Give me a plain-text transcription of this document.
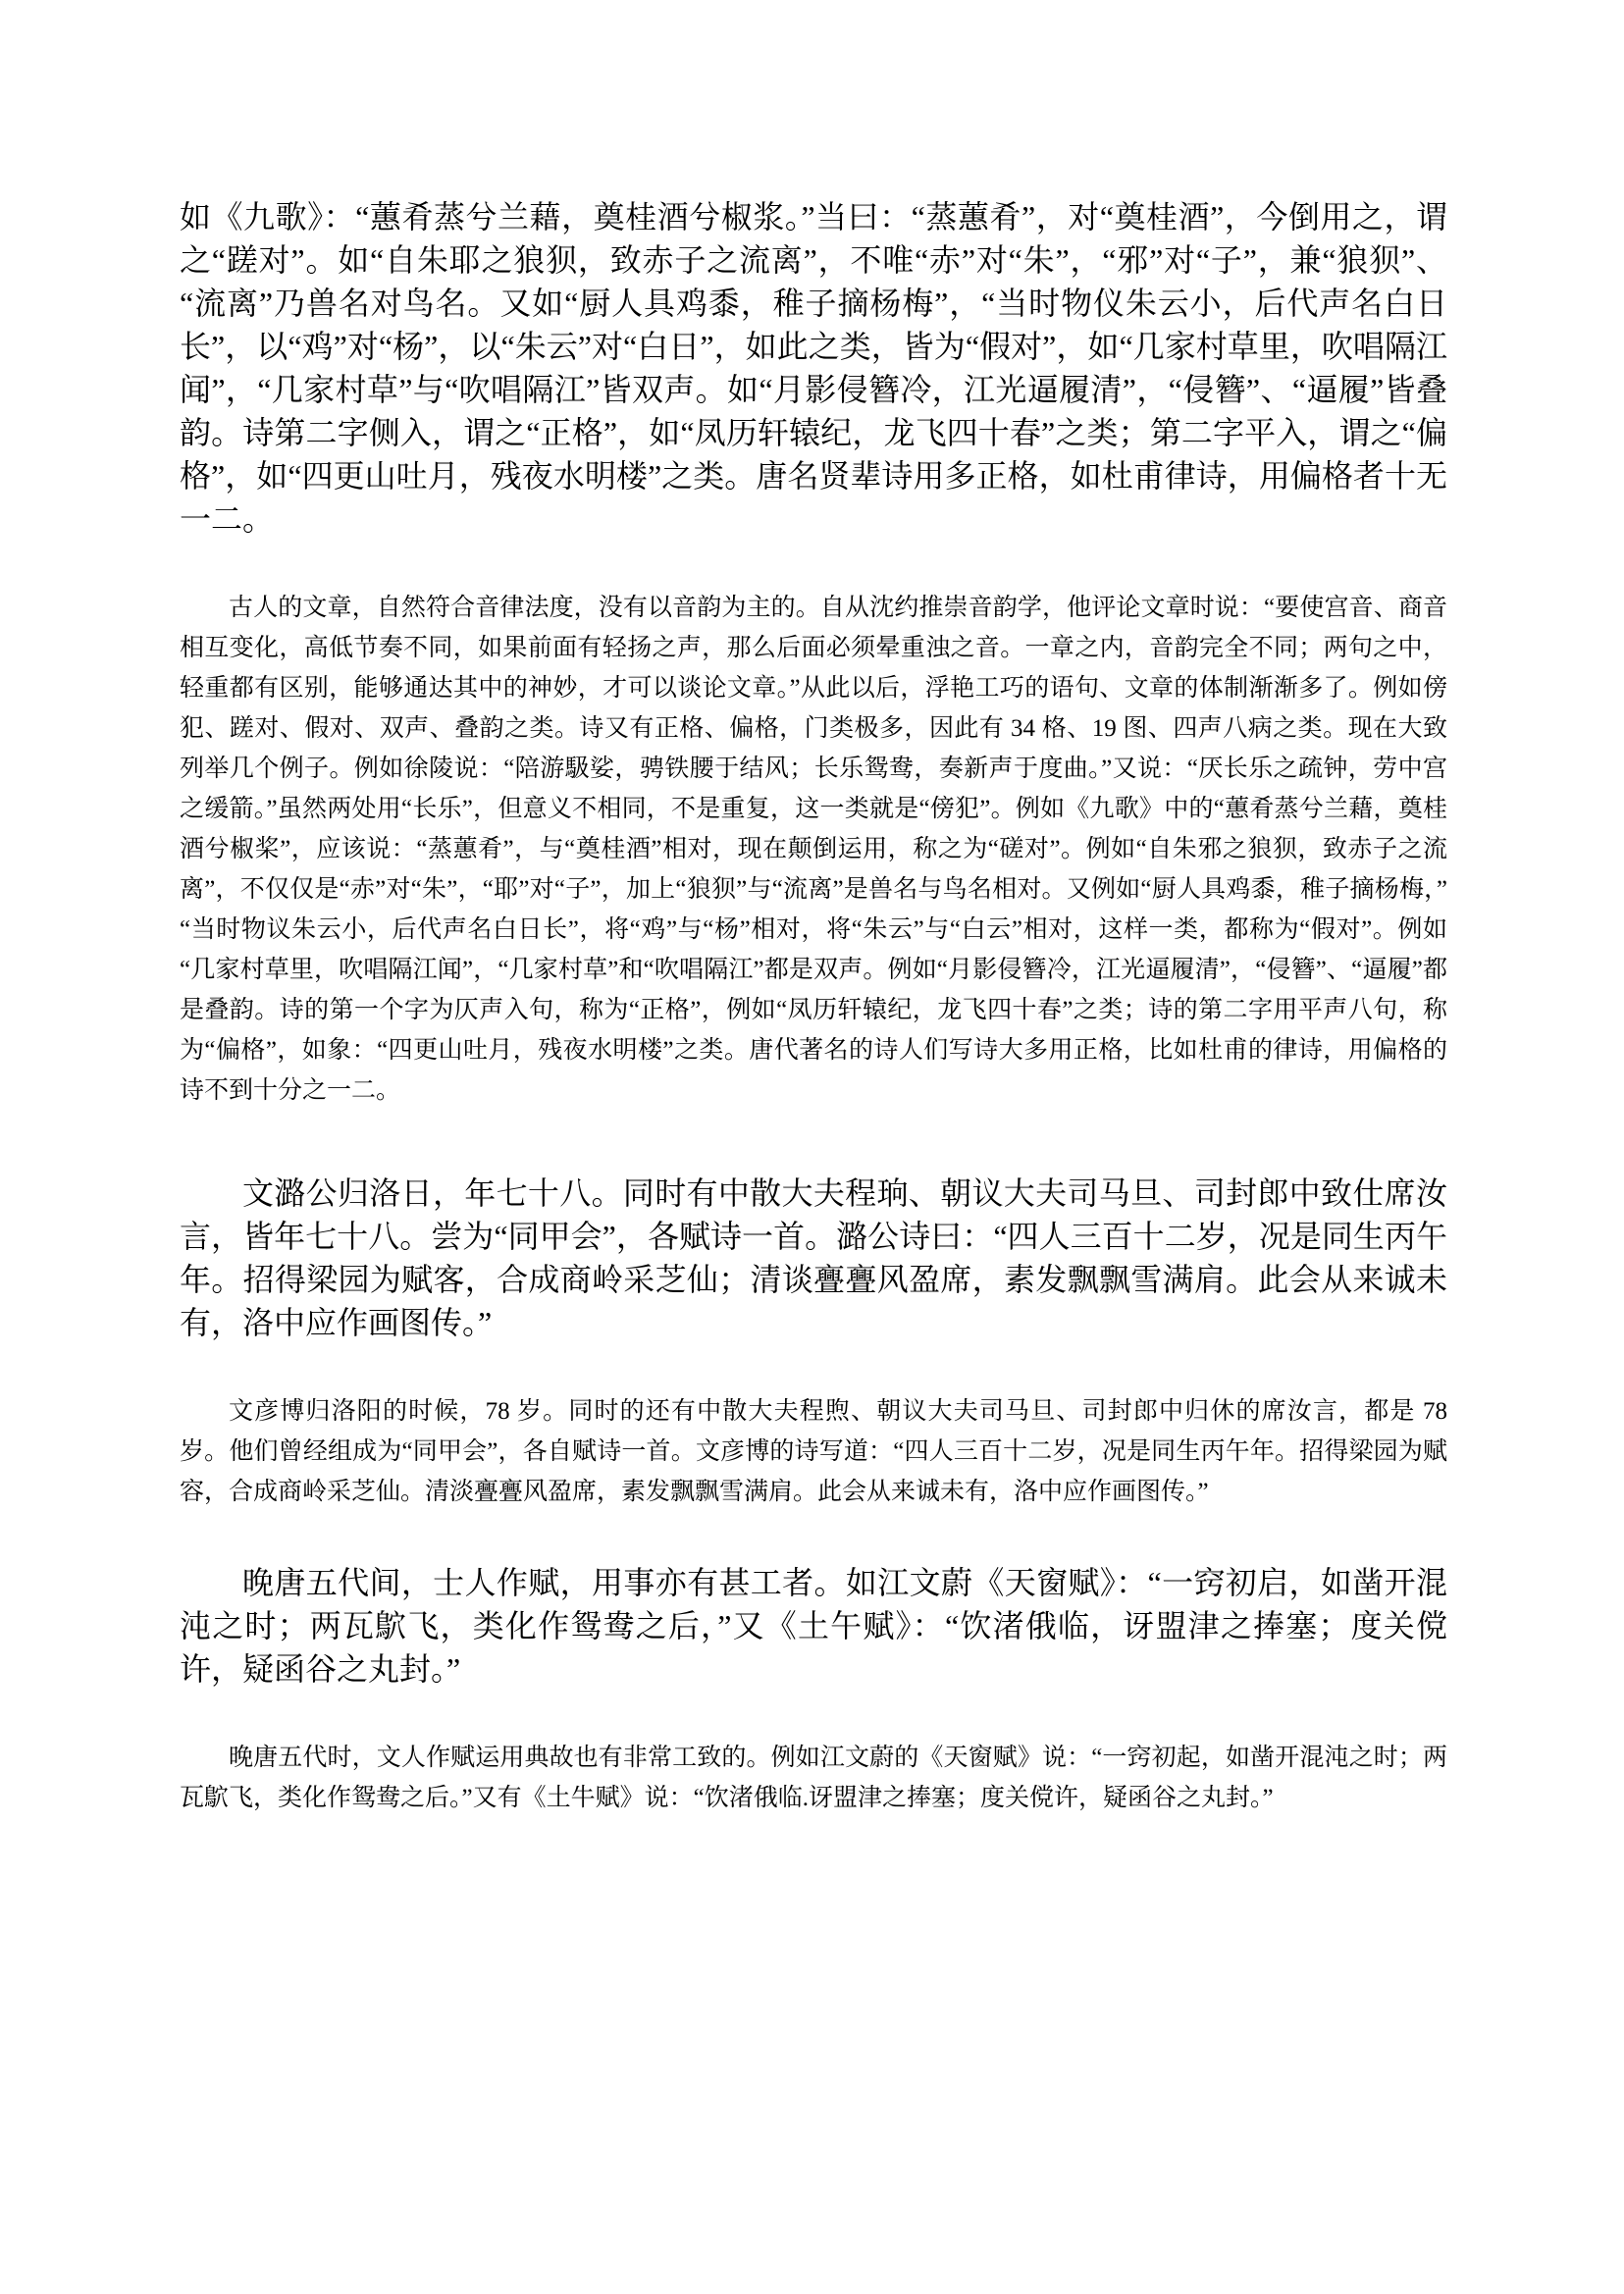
如《九歌》：“蕙肴蒸兮兰藉，奠桂酒兮椒浆。”当曰：“蒸蕙肴”，对“奠桂酒”，今倒用之，谓之“蹉对”。如“自朱耶之狼狈，致赤子之流离”，不唯“赤”对“朱”，“邪”对“子”，兼“狼狈”、“流离”乃兽名对鸟名。又如“厨人具鸡黍，稚子摘杨梅”，“当时物仪朱云小，后代声名白日长”，以“鸡”对“杨”，以“朱云”对“白日”，如此之类，皆为“假对”，如“几家村草里，吹唱隔江闻”，“几家村草”与“吹唱隔江”皆双声。如“月影侵簪冷，江光逼履清”，“侵簪”、“逼履”皆叠韵。诗第二字侧入，谓之“正格”，如“凤历轩辕纪，龙飞四十春”之类；第二字平入，谓之“偏格”，如“四更山吐月，残夜水明楼”之类。唐名贤辈诗用多正格，如杜甫律诗，用偏格者十无一二。

古人的文章，自然符合音律法度，没有以音韵为主的。自从沈约推崇音韵学，他评论文章时说：“要使宫音、商音相互变化，高低节奏不同，如果前面有轻扬之声，那么后面必须晕重浊之音。一章之内，音韵完全不同；两句之中，轻重都有区别，能够通达其中的神妙，才可以谈论文章。”从此以后，浮艳工巧的语句、文章的体制渐渐多了。例如傍犯、蹉对、假对、双声、叠韵之类。诗又有正格、偏格，门类极多，因此有 34 格、19 图、四声八病之类。现在大致列举几个例子。例如徐陵说：“陪游馺娑，骋铁腰于结风；长乐鸳鸯，奏新声于度曲。”又说：“厌长乐之疏钟，劳中宫之缓箭。”虽然两处用“长乐”，但意义不相同，不是重复，这一类就是“傍犯”。例如《九歌》中的“蕙肴蒸兮兰藉，奠桂酒兮椒桨”，应该说：“蒸蕙肴”，与“奠桂酒”相对，现在颠倒运用，称之为“磋对”。例如“自朱邪之狼狈，致赤子之流离”，不仅仅是“赤”对“朱”，“耶”对“子”，加上“狼狈”与“流离”是兽名与鸟名相对。又例如“厨人具鸡黍，稚子摘杨梅，”“当时物议朱云小，后代声名白日长”，将“鸡”与“杨”相对，将“朱云”与“白云”相对，这样一类，都称为“假对”。例如“几家村草里，吹唱隔江闻”，“几家村草”和“吹唱隔江”都是双声。例如“月影侵簪冷，江光逼履清”，“侵簪”、“逼履”都是叠韵。诗的第一个字为仄声入句，称为“正格”，例如“凤历轩辕纪，龙飞四十春”之类；诗的第二字用平声八句，称为“偏格”，如象：“四更山吐月，残夜水明楼”之类。唐代著名的诗人们写诗大多用正格，比如杜甫的律诗，用偏格的诗不到十分之一二。

文潞公归洛日，年七十八。同时有中散大夫程珦、朝议大夫司马旦、司封郎中致仕席汝言，皆年七十八。尝为“同甲会”，各赋诗一首。潞公诗曰：“四人三百十二岁，况是同生丙午年。招得梁园为赋客，合成商岭采芝仙；清谈亹亹风盈席，素发飘飘雪满肩。此会从来诚未有，洛中应作画图传。”

文彦博归洛阳的时候，78 岁。同时的还有中散大夫程煦、朝议大夫司马旦、司封郎中归休的席汝言，都是 78 岁。他们曾经组成为“同甲会”，各自赋诗一首。文彦博的诗写道：“四人三百十二岁，况是同生丙午年。招得梁园为赋容，合成商岭采芝仙。清淡亹亹风盈席，素发飘飘雪满肩。此会从来诚未有，洛中应作画图传。”

晚唐五代间，士人作赋，用事亦有甚工者。如江文蔚《天窗赋》：“一窍初启，如凿开混沌之时；两瓦鴥飞，类化作鸳鸯之后，”又《土午赋》：“饮渚俄临，讶盟津之捧塞；度关傥许，疑函谷之丸封。”

晚唐五代时，文人作赋运用典故也有非常工致的。例如江文蔚的《天窗赋》说：“一窍初起，如凿开混沌之时；两瓦鴥飞，类化作鸳鸯之后。”又有《土牛赋》说：“饮渚俄临.讶盟津之捧塞；度关傥许，疑函谷之丸封。”
